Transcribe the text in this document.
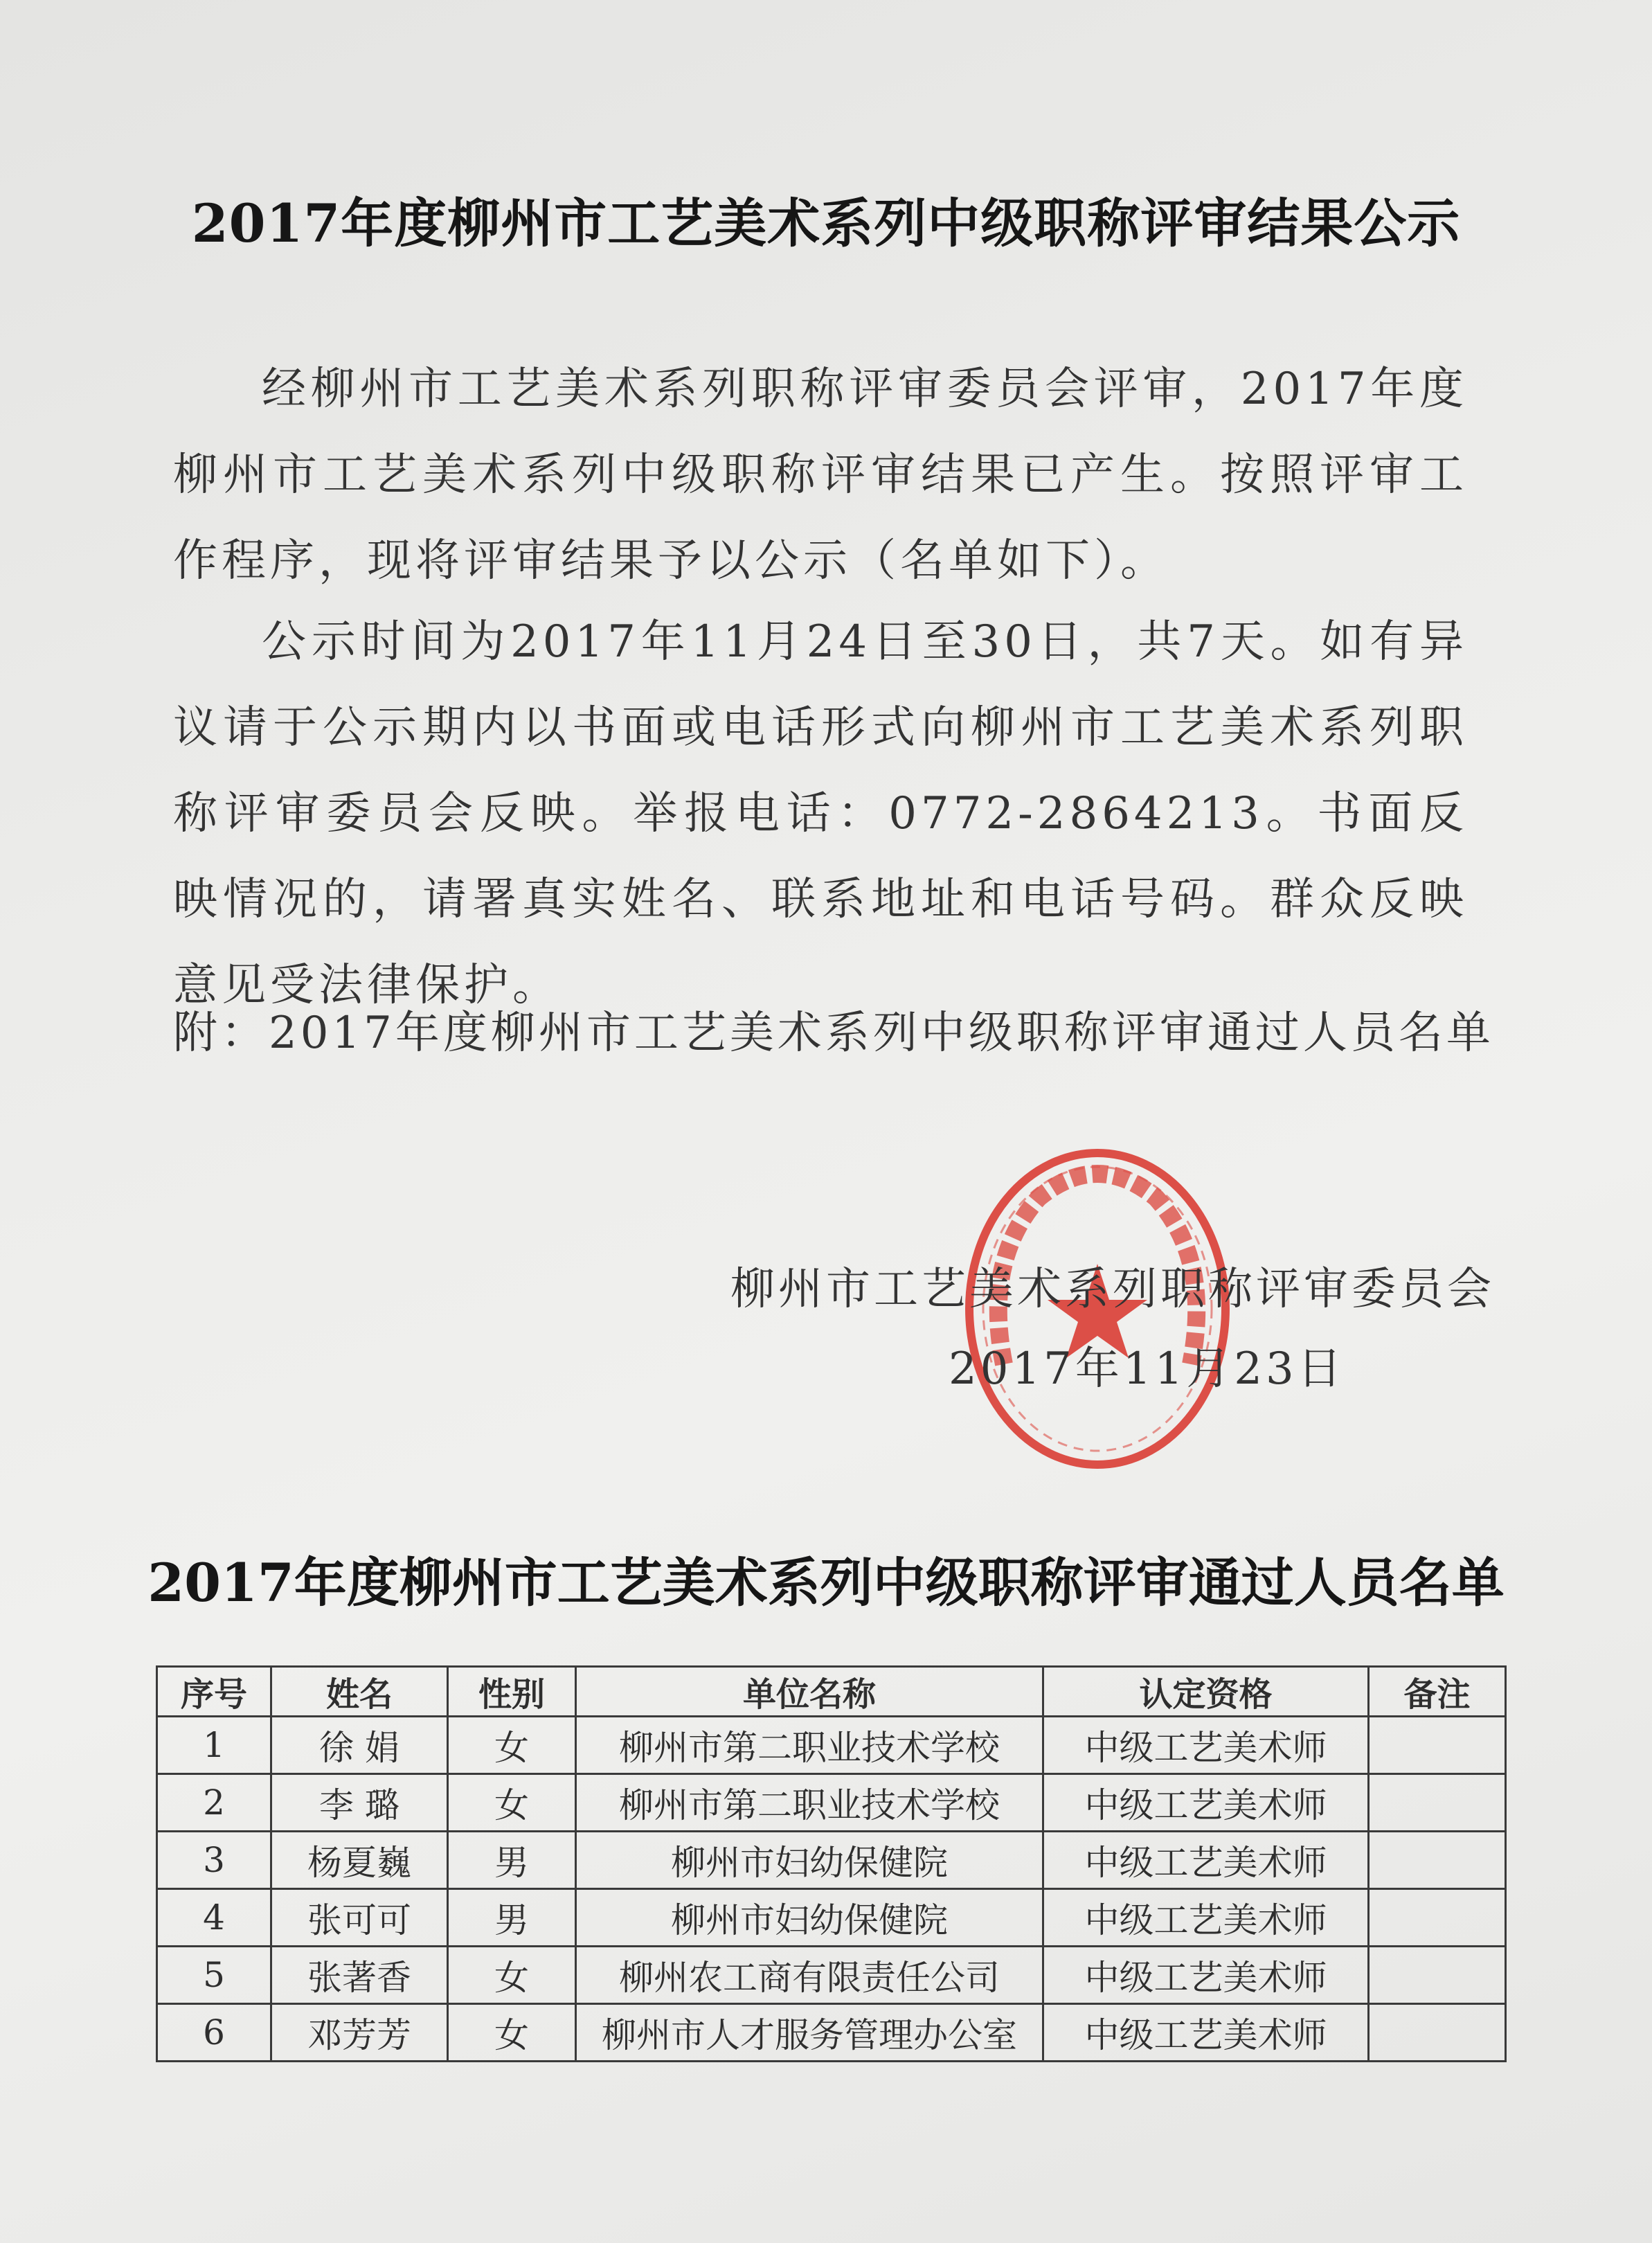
2017年度柳州市工艺美术系列中级职称评审结果公示
经柳州市工艺美术系列职称评审委员会评审，2017年度柳州市工艺美术系列中级职称评审结果已产生。按照评审工作程序，现将评审结果予以公示（名单如下）。
公示时间为2017年11月24日至30日，共7天。如有异议请于公示期内以书面或电话形式向柳州市工艺美术系列职称评审委员会反映。举报电话：0772-2864213。书面反映情况的，请署真实姓名、联系地址和电话号码。群众反映意见受法律保护。
附：2017年度柳州市工艺美术系列中级职称评审通过人员名单
柳州市工艺美术系列职称评审委员会
2017年11月23日
2017年度柳州市工艺美术系列中级职称评审通过人员名单
序号	姓名	性别	单位名称	认定资格	备注
1	徐 娟	女	柳州市第二职业技术学校	中级工艺美术师	
2	李 璐	女	柳州市第二职业技术学校	中级工艺美术师	
3	杨夏巍	男	柳州市妇幼保健院	中级工艺美术师	
4	张可可	男	柳州市妇幼保健院	中级工艺美术师	
5	张著香	女	柳州农工商有限责任公司	中级工艺美术师	
6	邓芳芳	女	柳州市人才服务管理办公室	中级工艺美术师	
